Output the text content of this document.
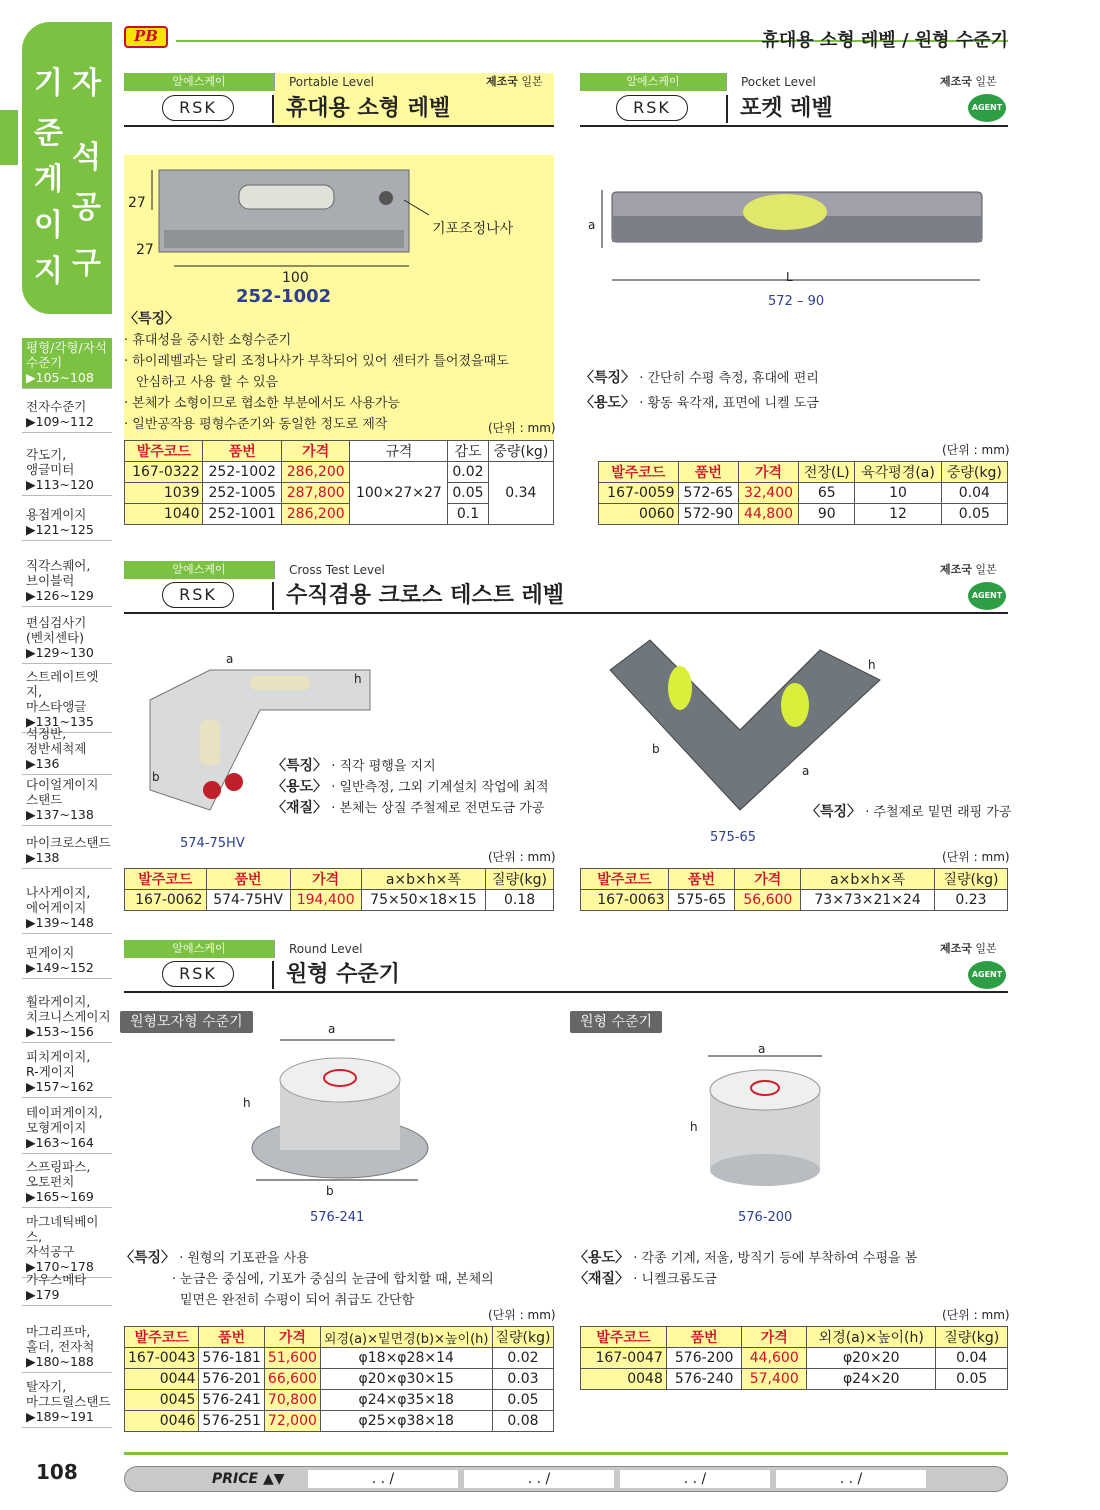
PB	휴대용 소형 레벨 / 원형 수준기
기 자
준
석
게
공
이
구
지
평형/각형/자석
수준기
▶105~108
전자수준기
▶109~112
각도기,
앵글미터
▶113~120
용접게이지
▶121~125
직각스퀘어,
브이블럭
▶126~129
편심검사기
(벤치센타)
▶129~130
스트레이트엣지,
마스타앵글
▶131~135
석정반,
정반세척제
▶136
다이얼게이지
스탠드
▶137~138
마이크로스탠드
▶138
나사게이지,
에어게이지
▶139~148
핀게이지
▶149~152
훨라게이지,
치크니스게이지
▶153~156
피치게이지,
R-게이지
▶157~162
테이퍼게이지,
모형게이지
▶163~164
스프링파스,
오토펀치
▶165~169
마그네틱베이스,
자석공구
▶170~178
가우스메타
▶179
마그리프마,
홀더, 전자척
▶180~188
탈자기,
마그드릴스탠드
▶189~191
108
알에스케이	Portable Level	제조국 일본
RSK	휴대용 소형 레벨
27
27
100
기포조정나사
252-1002
〈특징〉
· 휴대성을 중시한 소형수준기
· 하이레벨과는 달리 조정나사가 부착되어 있어 센터가 틀어졌을때도
안심하고 사용 할 수 있음
· 본체가 소형이므로 협소한 부분에서도 사용가능
· 일반공작용 평형수준기와 동일한 정도로 제작	(단위 : mm)
발주코드	품번	가격	규격	감도	중량(kg)
167-0322	252-1002	286,200	100×27×27	0.02	0.34
1039	252-1005	287,800		0.05	
1040	252-1001	286,200		0.1	
알에스케이	Pocket Level	제조국 일본
RSK	포켓 레벨	AGENT
a
L
572 – 90
〈특징〉 · 간단히 수평 측정, 휴대에 편리
〈용도〉 · 황동 육각재, 표면에 니켈 도금
(단위 : mm)
발주코드	품번	가격	전장(L)	육각평경(a)	중량(kg)
167-0059	572-65	32,400	65	10	0.04
0060	572-90	44,800	90	12	0.05
알에스케이	Cross Test Level	제조국 일본
RSK	수직겸용 크로스 테스트 레벨	AGENT
a
h
b
574-75HV
〈특징〉 · 직각 평행을 지지
〈용도〉 · 일반측정, 그외 기계설치 작업에 최적
〈재질〉 · 본체는 상질 주철제로 전면도금 가공
h
b
a
575-65
〈특징〉 · 주철제로 밑면 래핑 가공
(단위 : mm)
발주코드	품번	가격	a×b×h×폭	질량(kg)
167-0062	574-75HV	194,400	75×50×18×15	0.18
(단위 : mm)
발주코드	품번	가격	a×b×h×폭	질량(kg)
167-0063	575-65	56,600	73×73×21×24	0.23
알에스케이	Round Level	제조국 일본
RSK	원형 수준기	AGENT
원형모자형 수준기	원형 수준기
a
h
b
576-241
a
h
576-200
〈특징〉 · 원형의 기포관을 사용
· 눈금은 중심에, 기포가 중심의 눈금에 합치할 때, 본체의
밑면은 완전히 수평이 되어 취급도 간단함
〈용도〉 · 각종 기계, 저울, 방직기 등에 부착하여 수평을 봄
〈재질〉 · 니켈크롬도금
(단위 : mm)
발주코드	품번	가격	외경(a)×밑면경(b)×높이(h)	질량(kg)
167-0043	576-181	51,600	φ18×φ28×14	0.02
0044	576-201	66,600	φ20×φ30×15	0.03
0045	576-241	70,800	φ24×φ35×18	0.05
0046	576-251	72,000	φ25×φ38×18	0.08
(단위 : mm)
발주코드	품번	가격	외경(a)×높이(h)	질량(kg)
167-0047	576-200	44,600	φ20×20	0.04
0048	576-240	57,400	φ24×20	0.05
PRICE ▲▼	. . /	. . /	. . /	. . /
